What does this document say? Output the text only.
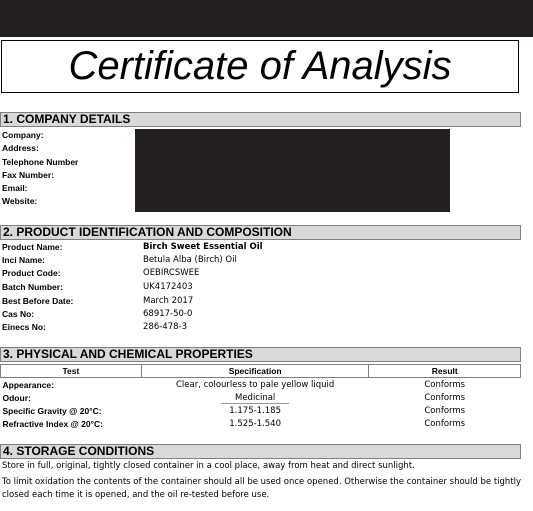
Certificate of Analysis
1. COMPANY DETAILS
Company:
Address:
Telephone Number
Fax Number:
Email:
Website:
2. PRODUCT IDENTIFICATION AND COMPOSITION
Product Name:	Birch Sweet Essential Oil
Inci Name:	Betula Alba (Birch) Oil
Product Code:	OEBIRCSWEE
Batch Number:	UK4172403
Best Before Date:	March 2017
Cas No:	68917-50-0
Einecs No:	286-478-3
3. PHYSICAL AND CHEMICAL PROPERTIES
Test	Specification	Result
Appearance:	Clear, colourless to pale yellow liquid	Conforms
Odour:	Medicinal	Conforms
Specific Gravity @ 20°C:	1.175-1.185	Conforms
Refractive Index @ 20°C:	1.525-1.540	Conforms
4. STORAGE CONDITIONS
Store in full, original, tightly closed container in a cool place, away from heat and direct sunlight.
To limit oxidation the contents of the container should all be used once opened. Otherwise the container should be tightly
closed each time it is opened, and the oil re-tested before use.
